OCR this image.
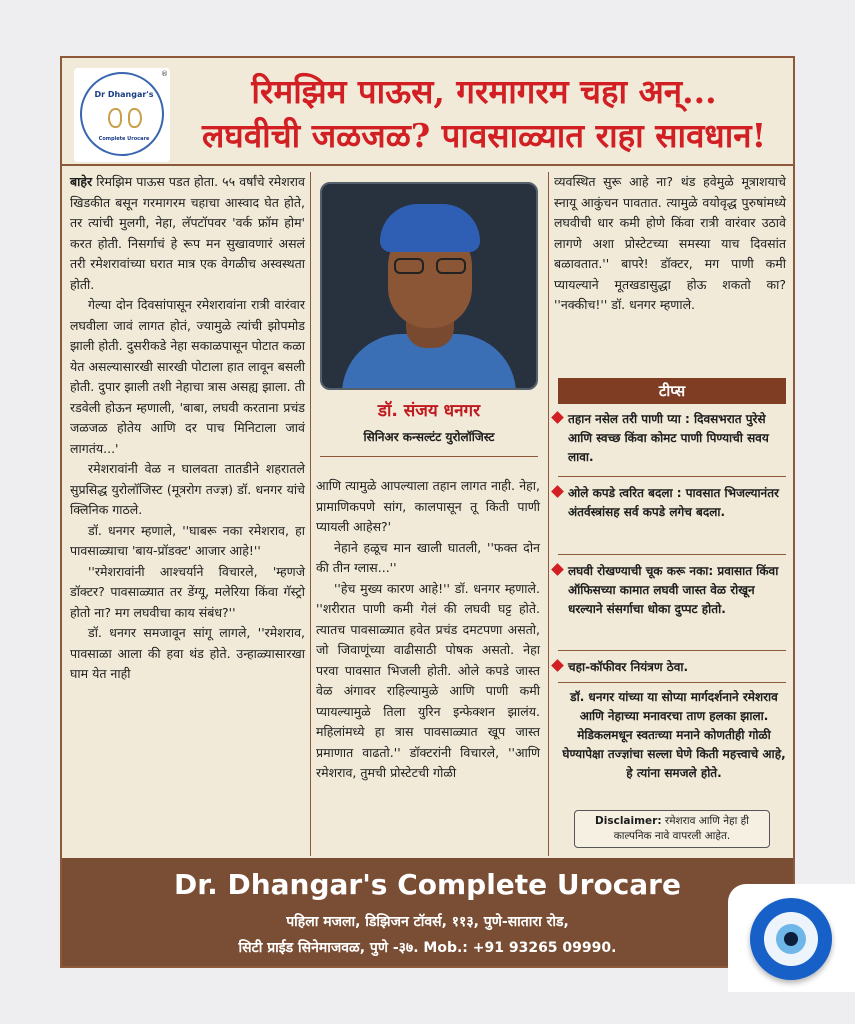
Dr Dhangar's
Complete Urocare
®	रिमझिम पाऊस, गरमागरम चहा अन्...
लघवीची जळजळ? पावसाळ्यात राहा सावधान!

बाहेर रिमझिम पाऊस पडत होता. ५५ वर्षांचे रमेशराव खिडकीत बसून गरमागरम चहाचा आस्वाद घेत होते, तर त्यांची मुलगी, नेहा, लॅपटॉपवर 'वर्क फ्रॉम होम' करत होती. निसर्गाचं हे रूप मन सुखावणारं असलं तरी रमेशरावांच्या घरात मात्र एक वेगळीच अस्वस्थता होती.

गेल्या दोन दिवसांपासून रमेशरावांना रात्री वारंवार लघवीला जावं लागत होतं, ज्यामुळे त्यांची झोपमोड झाली होती. दुसरीकडे नेहा सकाळपासून पोटात कळा येत असल्यासारखी सारखी पोटाला हात लावून बसली होती. दुपार झाली तशी नेहाचा त्रास असह्य झाला. ती रडवेली होऊन म्हणाली, 'बाबा, लघवी करताना प्रचंड जळजळ होतेय आणि दर पाच मिनिटाला जावं लागतंय...'

रमेशरावांनी वेळ न घालवता तातडीने शहरातले सुप्रसिद्ध युरोलॉजिस्ट (मूत्ररोग तज्ज्ञ) डॉ. धनगर यांचे क्लिनिक गाठले.

डॉ. धनगर म्हणाले, ''घाबरू नका रमेशराव, हा पावसाळ्याचा 'बाय-प्रॉडक्ट' आजार आहे!''

''रमेशरावांनी आश्चर्याने विचारले, 'म्हणजे डॉक्टर? पावसाळ्यात तर डेंग्यू, मलेरिया किंवा गॅस्ट्रो होतो ना? मग लघवीचा काय संबंध?''

डॉ. धनगर समजावून सांगू लागले, ''रमेशराव, पावसाळा आला की हवा थंड होते. उन्हाळ्यासारखा घाम येत नाही

डॉ. संजय धनगर
सिनिअर कन्सल्टंट युरोलॉजिस्ट

आणि त्यामुळे आपल्याला तहान लागत नाही. नेहा, प्रामाणिकपणे सांग, कालपासून तू किती पाणी प्यायली आहेस?'

नेहाने हळूच मान खाली घातली, ''फक्त दोन की तीन ग्लास...''

''हेच मुख्य कारण आहे!'' डॉ. धनगर म्हणाले. ''शरीरात पाणी कमी गेलं की लघवी घट्ट होते. त्यातच पावसाळ्यात हवेत प्रचंड दमटपणा असतो, जो जिवाणूंच्या वाढीसाठी पोषक असतो. नेहा परवा पावसात भिजली होती. ओले कपडे जास्त वेळ अंगावर राहिल्यामुळे आणि पाणी कमी प्यायल्यामुळे तिला युरिन इन्फेक्शन झालंय. महिलांमध्ये हा त्रास पावसाळ्यात खूप जास्त प्रमाणात वाढतो.'' डॉक्टरांनी विचारले, ''आणि रमेशराव, तुमची प्रोस्टेटची गोळी

व्यवस्थित सुरू आहे ना? थंड हवेमुळे मूत्राशयाचे स्नायू आकुंचन पावतात. त्यामुळे वयोवृद्ध पुरुषांमध्ये लघवीची धार कमी होणे किंवा रात्री वारंवार उठावे लागणे अशा प्रोस्टेटच्या समस्या याच दिवसांत बळावतात.'' बापरे! डॉक्टर, मग पाणी कमी प्यायल्याने मूतखडासुद्धा होऊ शकतो का? ''नक्कीच!'' डॉ. धनगर म्हणाले.

टीप्स
तहान नसेल तरी पाणी प्या : दिवसभरात पुरेसे आणि स्वच्छ किंवा कोमट पाणी पिण्याची सवय लावा.
ओले कपडे त्वरित बदला : पावसात भिजल्यानंतर अंतर्वस्त्रांसह सर्व कपडे लगेच बदला.
लघवी रोखण्याची चूक करू नका: प्रवासात किंवा ऑफिसच्या कामात लघवी जास्त वेळ रोखून धरल्याने संसर्गाचा धोका दुप्पट होतो.
चहा-कॉफीवर नियंत्रण ठेवा.
डॉ. धनगर यांच्या या सोप्या मार्गदर्शनाने रमेशराव आणि नेहाच्या मनावरचा ताण हलका झाला. मेडिकलमधून स्वतःच्या मनाने कोणतीही गोळी घेण्यापेक्षा तज्ज्ञांचा सल्ला घेणे किती महत्त्वाचे आहे, हे त्यांना समजले होते.
Disclaimer: रमेशराव आणि नेहा ही काल्पनिक नावे वापरली आहेत.
Dr. Dhangar's Complete Urocare
पहिला मजला, डिझिजन टॉवर्स, ११३, पुणे-सातारा रोड,
सिटी प्राईड सिनेमाजवळ, पुणे -३७. Mob.: +91 93265 09990.
